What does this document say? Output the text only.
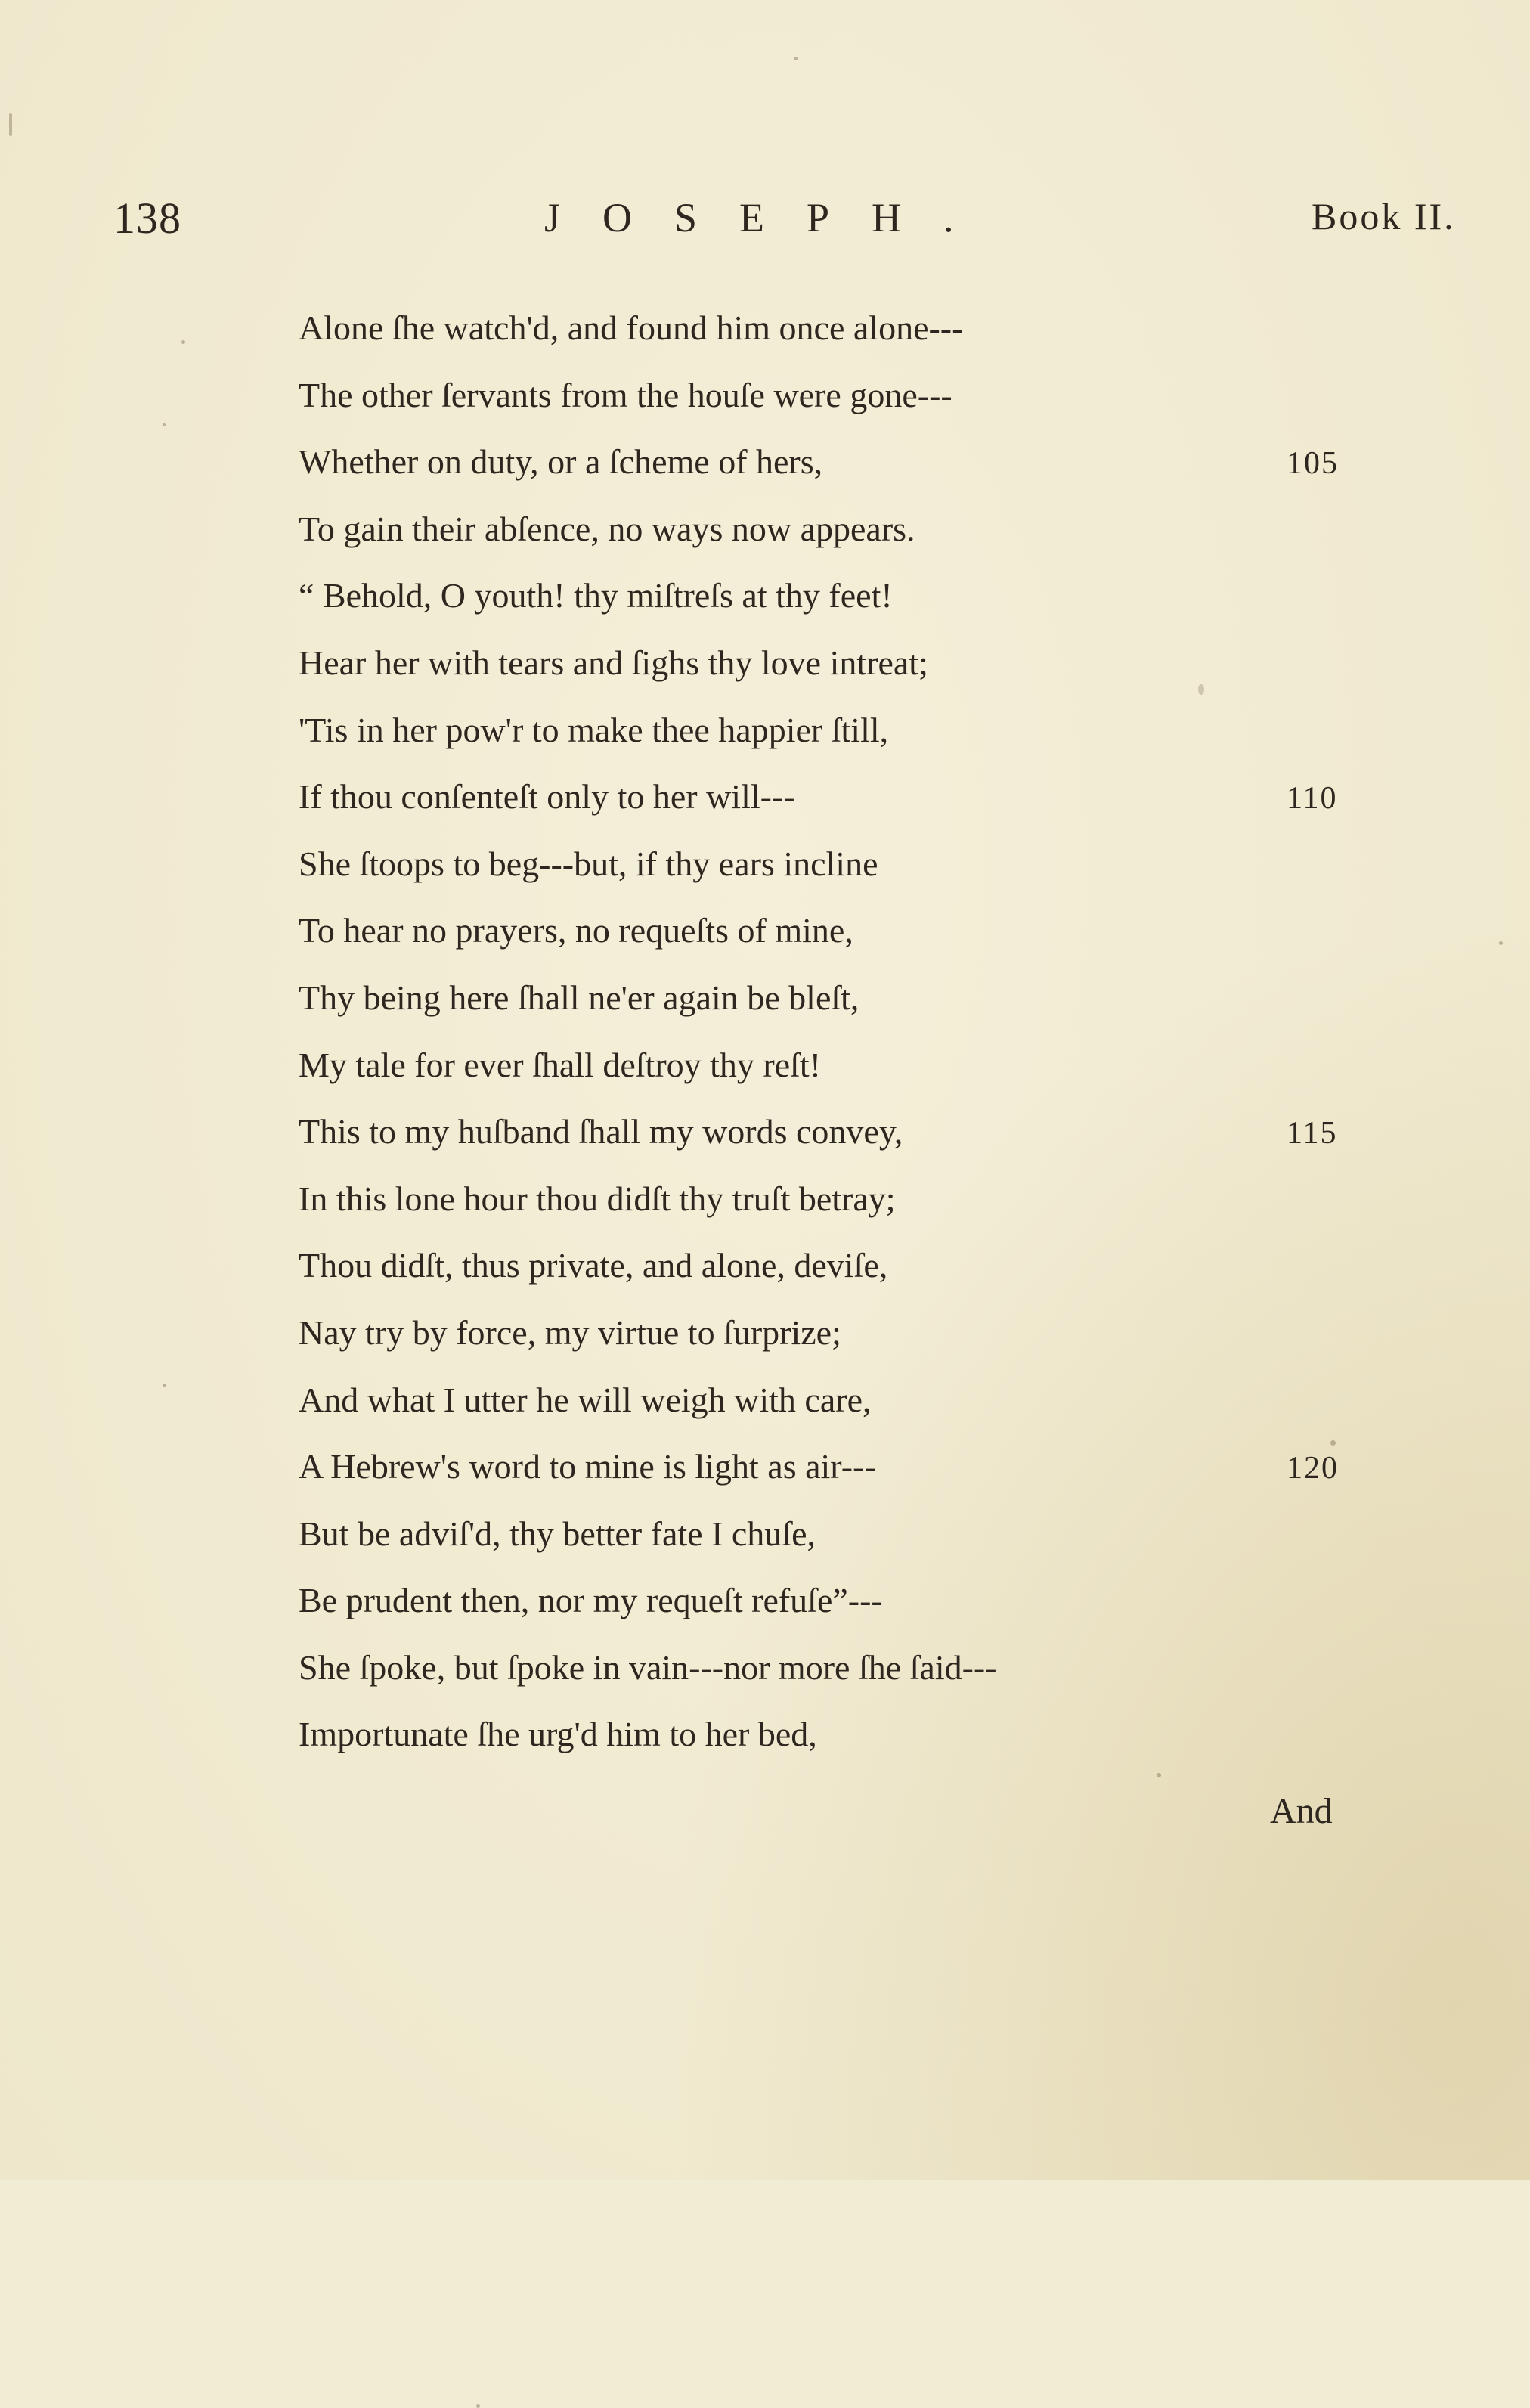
138	JOSEPH.	Book II.
Alone ſhe watch'd, and found him once alone---
The other ſervants from the houſe were gone---
Whether on duty, or a ſcheme of hers,	105
To gain their abſence, no ways now appears.
“ Behold, O youth! thy miſtreſs at thy feet!
Hear her with tears and ſighs thy love intreat;
'Tis in her pow'r to make thee happier ſtill,
If thou conſenteſt only to her will---	110
She ſtoops to beg---but, if thy ears incline
To hear no prayers, no requeſts of mine,
Thy being here ſhall ne'er again be bleſt,
My tale for ever ſhall deſtroy thy reſt!
This to my huſband ſhall my words convey,	115
In this lone hour thou didſt thy truſt betray;
Thou didſt, thus private, and alone, deviſe,
Nay try by force, my virtue to ſurprize;
And what I utter he will weigh with care,
A Hebrew's word to mine is light as air---	120
But be adviſ'd, thy better fate I chuſe,
Be prudent then, nor my requeſt refuſe”---
She ſpoke, but ſpoke in vain---nor more ſhe ſaid---
Importunate ſhe urg'd him to her bed,
And
